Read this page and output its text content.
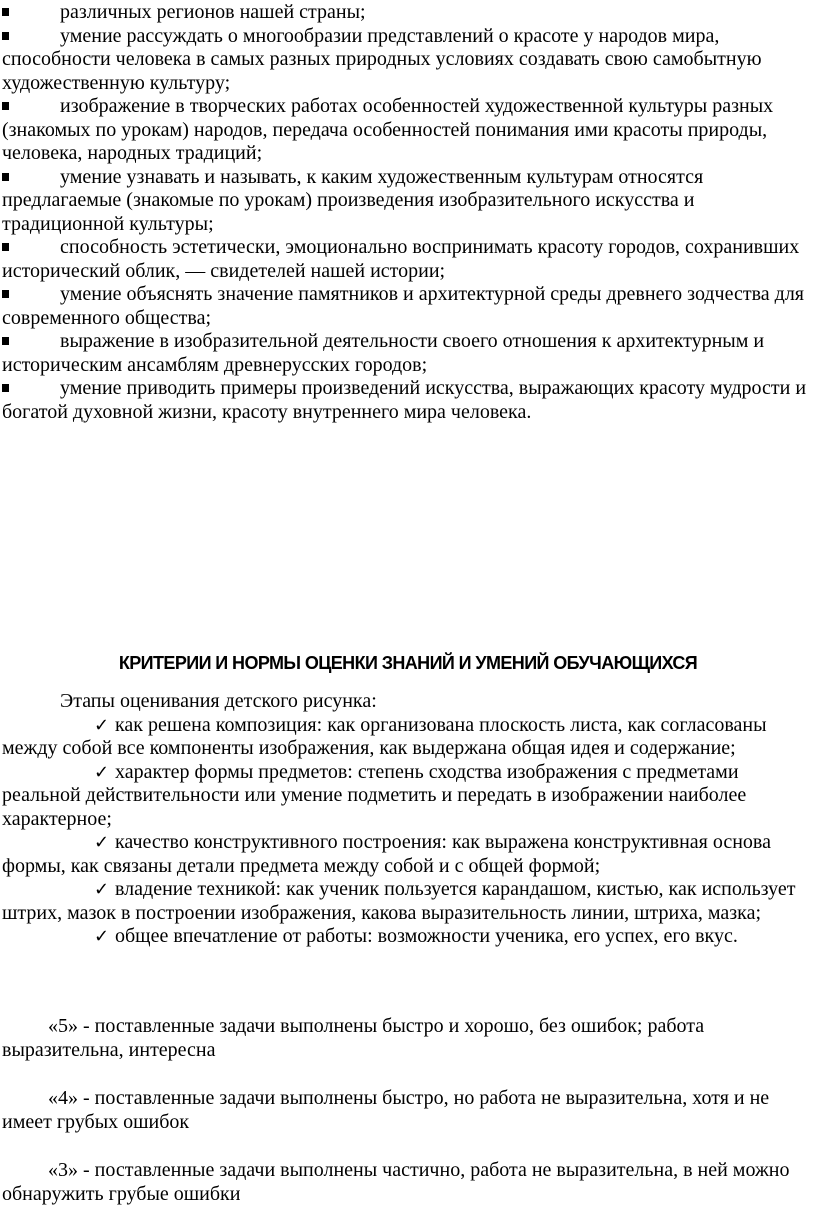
различных регионов нашей страны;

умение рассуждать о многообразии представлений о красоте у народов мира, способности человека в самых разных природных условиях создавать свою самобытную художественную культуру;

изображение в творческих работах особенностей художественной культуры разных (знакомых по урокам) народов, передача особенностей понимания ими красоты природы, человека, народных традиций;

умение узнавать и называть, к каким художественным культурам относятся предлагаемые (знакомые по урокам) произведения изобразительного искусства и традиционной культуры;

способность эстетически, эмоционально воспринимать красоту городов, сохранивших исторический облик, — свидетелей нашей истории;

умение объяснять значение памятников и архитектурной среды древнего зодчества для современного общества;

выражение в изобразительной деятельности своего отношения к архитектурным и историческим ансамблям древнерусских городов;

умение приводить примеры произведений искусства, выражающих красоту мудрости и богатой духовной жизни, красоту внутреннего мира человека.

КРИТЕРИИ И НОРМЫ ОЦЕНКИ ЗНАНИЙ И УМЕНИЙ ОБУЧАЮЩИХСЯ

Этапы оценивания детского рисунка:

✓ как решена композиция: как организована плоскость листа, как согласованы между собой все компоненты изображения, как выдержана общая идея и содержание;

✓ характер формы предметов: степень сходства изображения с предметами реальной действительности или умение подметить и передать в изображении наиболее характерное;

✓ качество конструктивного построения: как выражена конструктивная основа формы, как связаны детали предмета между собой и с общей формой;

✓ владение техникой: как ученик пользуется карандашом, кистью, как использует штрих, мазок в построении изображения, какова выразительность линии, штриха, мазка;

✓ общее впечатление от работы: возможности ученика, его успех, его вкус.

«5» - поставленные задачи выполнены быстро и хорошо, без ошибок; работа выразительна, интересна

«4» - поставленные задачи выполнены быстро, но работа не выразительна, хотя и не имеет грубых ошибок

«3» - поставленные задачи выполнены частично, работа не выразительна, в ней можно обнаружить грубые ошибки
